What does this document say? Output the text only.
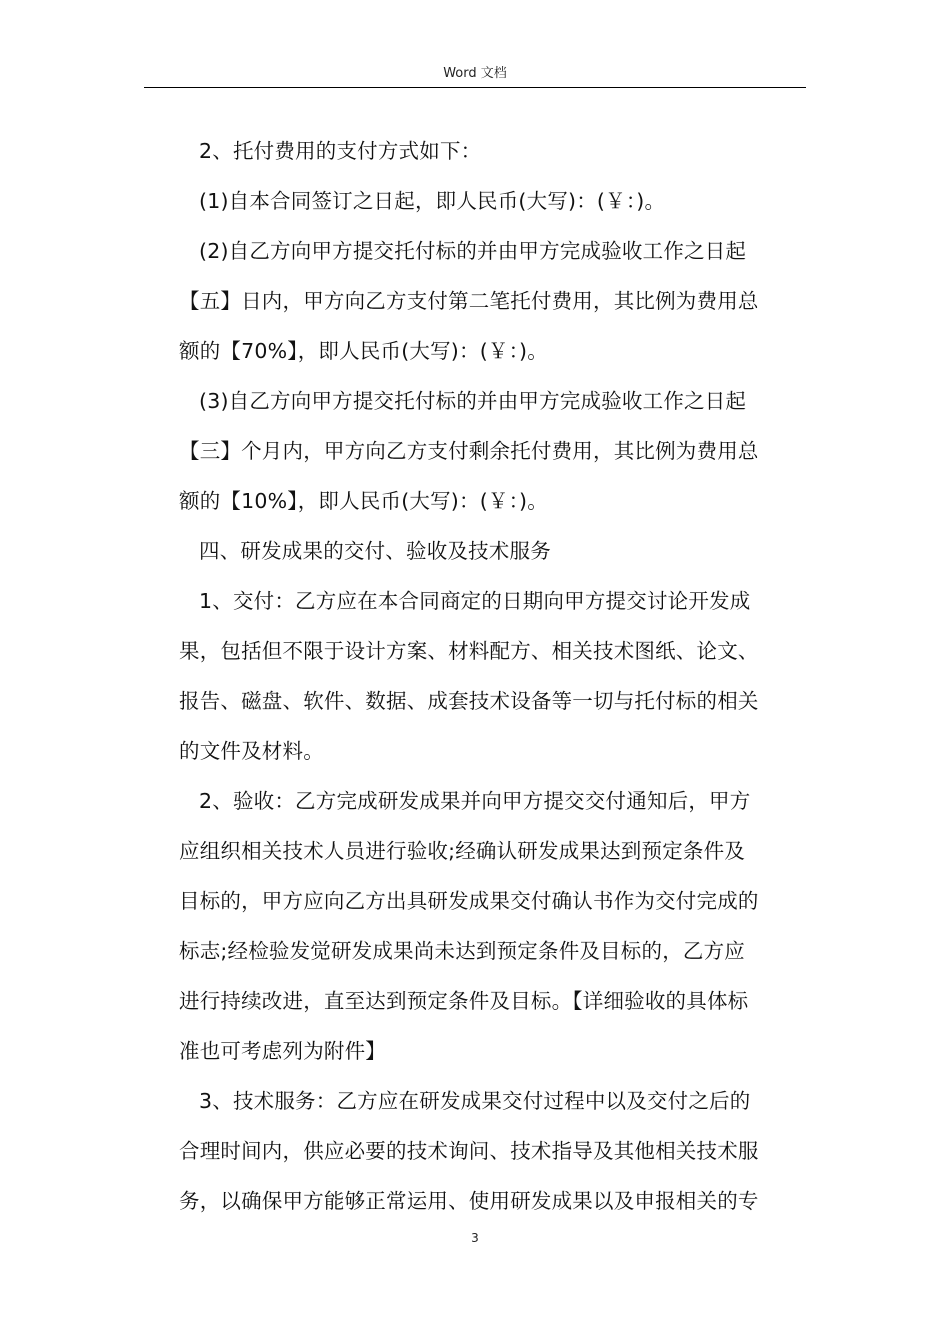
Word 文档
2、托付费用的支付方式如下：
(1)自本合同签订之日起，即人民币(大写)：(￥：)。
(2)自乙方向甲方提交托付标的并由甲方完成验收工作之日起
【五】日内，甲方向乙方支付第二笔托付费用，其比例为费用总
额的【70%】，即人民币(大写)：(￥：)。
(3)自乙方向甲方提交托付标的并由甲方完成验收工作之日起
【三】个月内，甲方向乙方支付剩余托付费用，其比例为费用总
额的【10%】，即人民币(大写)：(￥：)。
四、研发成果的交付、验收及技术服务
1、交付：乙方应在本合同商定的日期向甲方提交讨论开发成
果，包括但不限于设计方案、材料配方、相关技术图纸、论文、
报告、磁盘、软件、数据、成套技术设备等一切与托付标的相关
的文件及材料。
2、验收：乙方完成研发成果并向甲方提交交付通知后，甲方
应组织相关技术人员进行验收;经确认研发成果达到预定条件及
目标的，甲方应向乙方出具研发成果交付确认书作为交付完成的
标志;经检验发觉研发成果尚未达到预定条件及目标的，乙方应
进行持续改进，直至达到预定条件及目标。【详细验收的具体标
准也可考虑列为附件】
3、技术服务：乙方应在研发成果交付过程中以及交付之后的
合理时间内，供应必要的技术询问、技术指导及其他相关技术服
务，以确保甲方能够正常运用、使用研发成果以及申报相关的专
3
